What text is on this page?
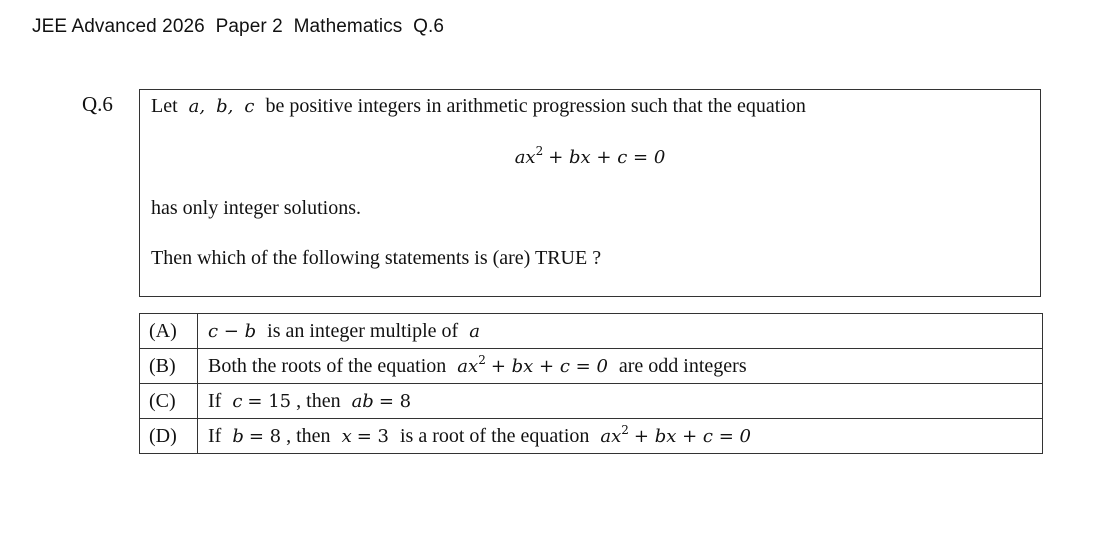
JEE Advanced 2026  Paper 2  Mathematics  Q.6
Q.6 Let a, b, c be positive integers in arithmetic progression such that the equation
$ax^2$ + bx + c = 0
has only integer solutions.
Then which of the following statements is (are) TRUE ?
(A)	c − b is an integer multiple of a
(B)	Both the roots of the equation $ax^2$ + bx + c = 0 are odd integers
(C)	If c = 15 , then ab = 8
(D)	If b = 8 , then x = 3 is a root of the equation $ax^2$ + bx + c = 0
